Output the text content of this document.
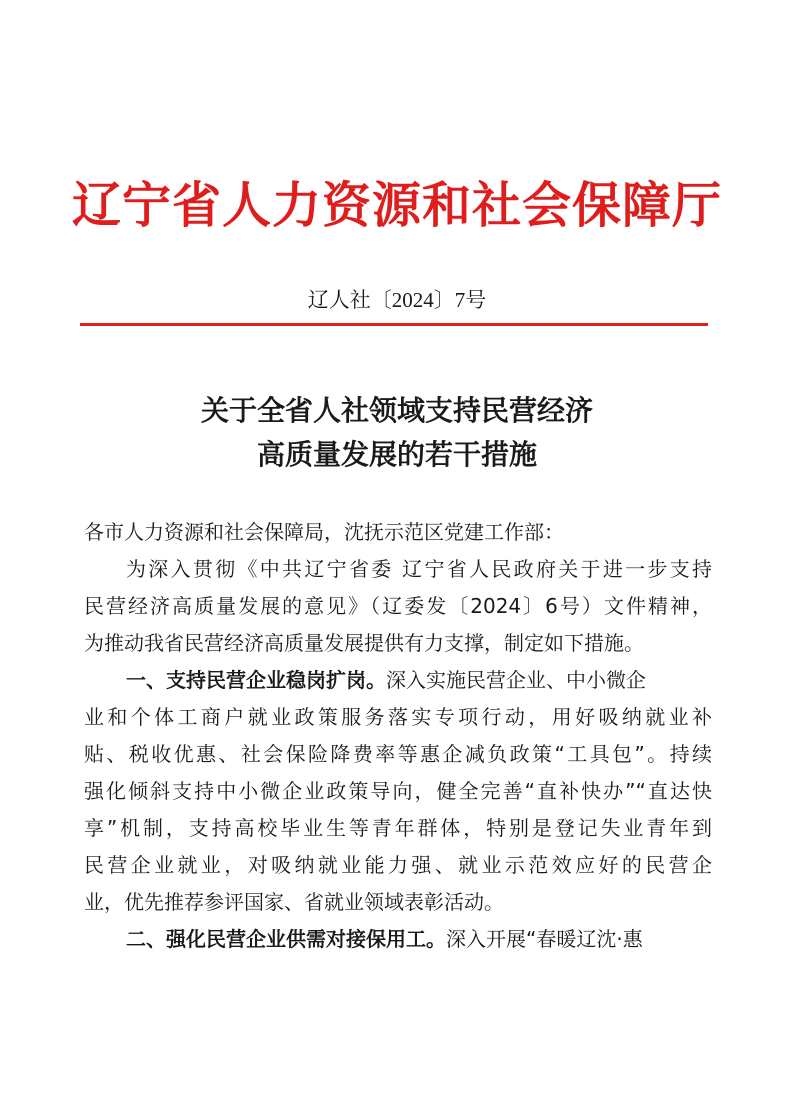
辽宁省人力资源和社会保障厅
辽人社〔2024〕7号
关于全省人社领域支持民营经济
高质量发展的若干措施
各市人力资源和社会保障局，沈抚示范区党建工作部：
为深入贯彻《中共辽宁省委 辽宁省人民政府关于进一步支持
民营经济高质量发展的意见》（辽委发〔2024〕6号）文件精神，
为推动我省民营经济高质量发展提供有力支撑，制定如下措施。
一、支持民营企业稳岗扩岗。深入实施民营企业、中小微企
业和个体工商户就业政策服务落实专项行动，用好吸纳就业补
贴、税收优惠、社会保险降费率等惠企减负政策“工具包”。持续
强化倾斜支持中小微企业政策导向，健全完善“直补快办”“直达快
享”机制，支持高校毕业生等青年群体，特别是登记失业青年到
民营企业就业，对吸纳就业能力强、就业示范效应好的民营企
业，优先推荐参评国家、省就业领域表彰活动。
二、强化民营企业供需对接保用工。深入开展“春暖辽沈·惠
